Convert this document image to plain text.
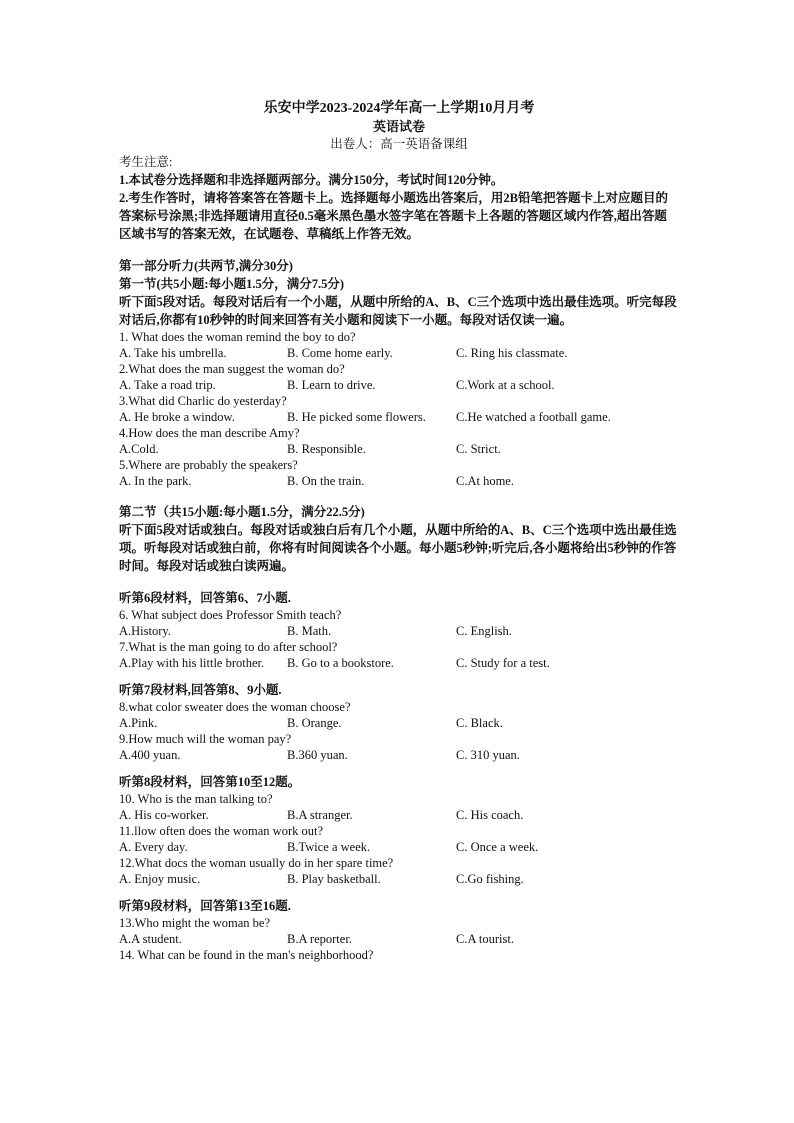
乐安中学2023-2024学年高一上学期10月月考
英语试卷
出卷人：高一英语备课组
考生注意:
1.本试卷分选择题和非选择题两部分。满分150分，考试时间120分钟。
2.考生作答时，请将答案答在答题卡上。选择题每小题选出答案后，用2B铅笔把答题卡上对应题目的答案标号涂黑;非选择题请用直径0.5毫米黑色墨水签字笔在答题卡上各题的答题区域内作答,超出答题区域书写的答案无效，在试题卷、草稿纸上作答无效。
第一部分听力(共两节,满分30分)
第一节(共5小题:每小题1.5分，满分7.5分)
听下面5段对话。每段对话后有一个小题，从题中所给的A、B、C三个选项中选出最佳选项。听完每段对话后,你都有10秒钟的时间来回答有关小题和阅读下一小题。每段对话仅读一遍。
1. What does the woman remind the boy to do?
A. Take his umbrella.	B. Come home early.	C. Ring his classmate.
2.What does the man suggest the woman do?
A. Take a road trip.	B. Learn to drive.	C.Work at a school.
3.What did Charlic do yesterday?
A. He broke a window.	B. He picked some flowers.	C.He watched a football game.
4.How does the man describe Amy?
A.Cold.	B. Responsible.	C. Strict.
5.Where are probably the speakers?
A. In the park.	B. On the train.	C.At home.
第二节（共15小题:每小题1.5分，满分22.5分)
听下面5段对话或独白。每段对话或独白后有几个小题，从题中所给的A、B、C三个选项中选出最佳选项。听每段对话或独白前，你将有时间阅读各个小题。每小题5秒钟;听完后,各小题将给出5秒钟的作答时间。每段对话或独白读两遍。
听第6段材料，回答第6、7小题.
6. What subject does Professor Smith teach?
A.History.	B. Math.	C. English.
7.What is the man going to do after school?
A.Play with his little brother.	B. Go to a bookstore.	C. Study for a test.
听第7段材料,回答第8、9小题.
8.what color sweater does the woman choose?
A.Pink.	B. Orange.	C. Black.
9.How much will the woman pay?
A.400 yuan.	B.360 yuan.	C. 310 yuan.
听第8段材料，回答第10至12题。
10. Who is the man talking to?
A. His co-worker.	B.A stranger.	C. His coach.
11.llow often does the woman work out?
A. Every day.	B.Twice a week.	C. Once a week.
12.What docs the woman usually do in her spare time?
A. Enjoy music.	B. Play basketball.	C.Go fishing.
听第9段材料，回答第13至16题.
13.Who might the woman be?
A.A student.	B.A reporter.	C.A tourist.
14. What can be found in the man's neighborhood?
